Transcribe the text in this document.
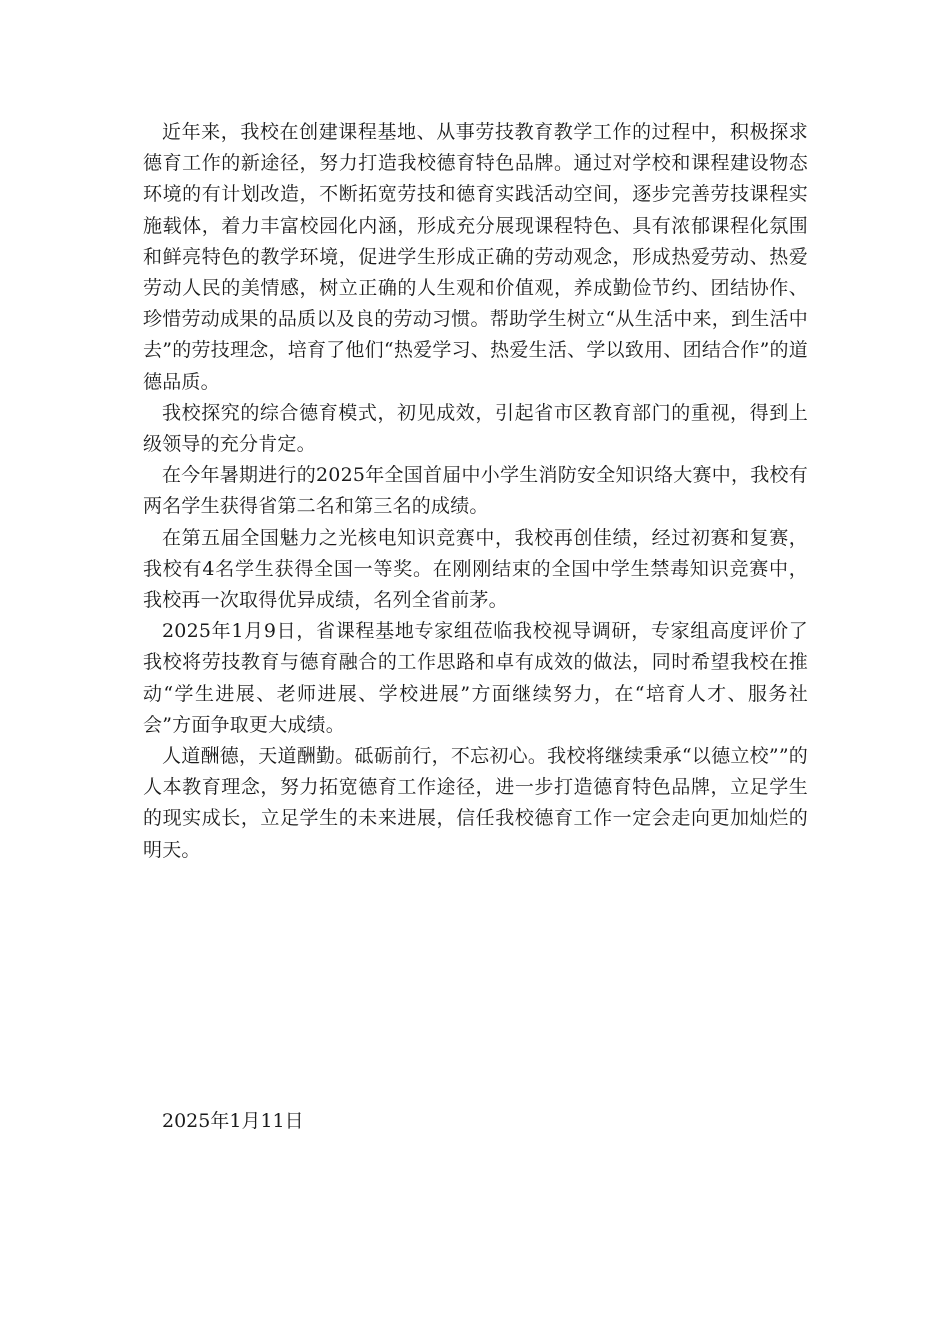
近年来，我校在创建课程基地、从事劳技教育教学工作的过程中，积极探求德育工作的新途径，努力打造我校德育特色品牌。通过对学校和课程建设物态环境的有计划改造，不断拓宽劳技和德育实践活动空间，逐步完善劳技课程实施载体，着力丰富校园化内涵，形成充分展现课程特色、具有浓郁课程化氛围和鲜亮特色的教学环境，促进学生形成正确的劳动观念，形成热爱劳动、热爱劳动人民的美情感，树立正确的人生观和价值观，养成勤俭节约、团结协作、珍惜劳动成果的品质以及良的劳动习惯。帮助学生树立“从生活中来，到生活中去”的劳技理念，培育了他们“热爱学习、热爱生活、学以致用、团结合作”的道德品质。

我校探究的综合德育模式，初见成效，引起省市区教育部门的重视，得到上级领导的充分肯定。

在今年暑期进行的2025年全国首届中小学生消防安全知识络大赛中，我校有两名学生获得省第二名和第三名的成绩。

在第五届全国魅力之光核电知识竞赛中，我校再创佳绩，经过初赛和复赛，我校有4名学生获得全国一等奖。在刚刚结束的全国中学生禁毒知识竞赛中，我校再一次取得优异成绩，名列全省前茅。

2025年1月9日，省课程基地专家组莅临我校视导调研，专家组高度评价了我校将劳技教育与德育融合的工作思路和卓有成效的做法，同时希望我校在推动“学生进展、老师进展、学校进展”方面继续努力，在“培育人才、服务社会”方面争取更大成绩。

人道酬德，天道酬勤。砥砺前行，不忘初心。我校将继续秉承“以德立校””的人本教育理念，努力拓宽德育工作途径，进一步打造德育特色品牌，立足学生的现实成长，立足学生的未来进展，信任我校德育工作一定会走向更加灿烂的明天。

2025年1月11日
